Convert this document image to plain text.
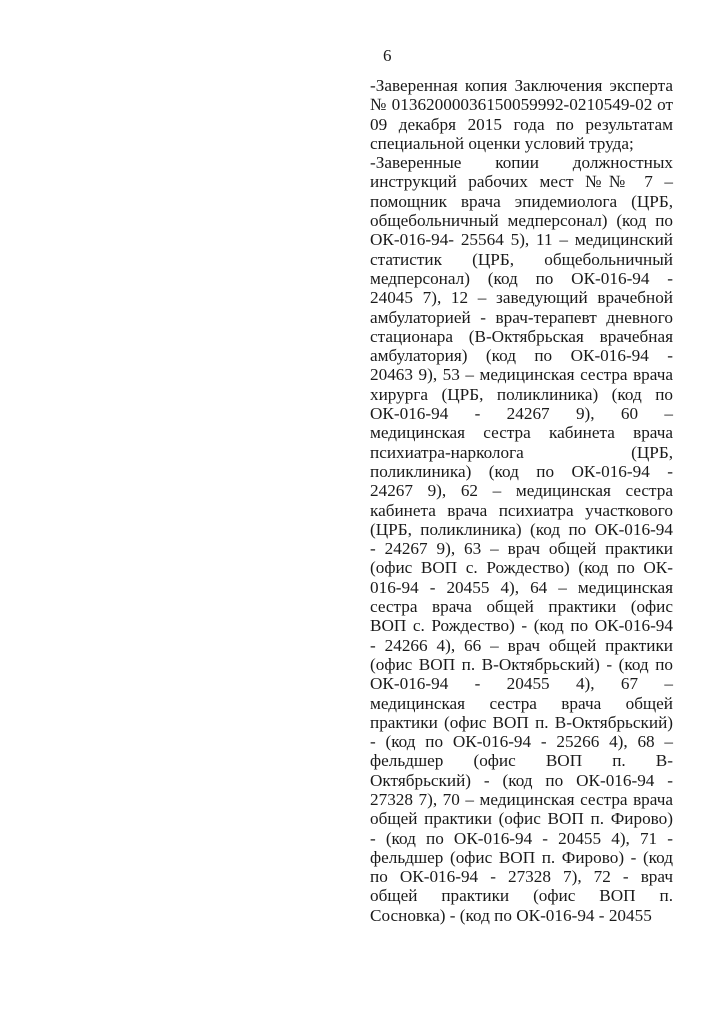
6

-Заверенная копия Заключения эксперта
№ 01362000036150059992-0210549-02 от
09 декабря 2015 года по результатам
специальной оценки условий труда;

-Заверенные копии должностных
инструкций рабочих мест №№ 7 –
помощник врача эпидемиолога (ЦРБ,
общебольничный медперсонал) (код по
ОК-016-94- 25564 5), 11 – медицинский
статистик (ЦРБ, общебольничный
медперсонал) (код по ОК-016-94 -
24045 7), 12 – заведующий врачебной
амбулаторией - врач-терапевт дневного
стационара (В-Октябрьская врачебная
амбулатория) (код по ОК-016-94 -
20463 9), 53 – медицинская сестра врача
хирурга (ЦРБ, поликлиника) (код по
ОК-016-94 - 24267 9), 60 –
медицинская сестра кабинета врача
психиатра-нарколога (ЦРБ,
поликлиника) (код по ОК-016-94 -
24267 9), 62 – медицинская сестра
кабинета врача психиатра участкового
(ЦРБ, поликлиника) (код по ОК-016-94
- 24267 9), 63 – врач общей практики
(офис ВОП с. Рождество) (код по ОК-
016-94 - 20455 4), 64 – медицинская
сестра врача общей практики (офис
ВОП с. Рождество) - (код по ОК-016-94
- 24266 4), 66 – врач общей практики
(офис ВОП п. В-Октябрьский) - (код по
ОК-016-94 - 20455 4), 67 –
медицинская сестра врача общей
практики (офис ВОП п. В-Октябрьский)
- (код по ОК-016-94 - 25266 4), 68 –
фельдшер (офис ВОП п. В-
Октябрьский) - (код по ОК-016-94 -
27328 7), 70 – медицинская сестра врача
общей практики (офис ВОП п. Фирово)
- (код по ОК-016-94 - 20455 4), 71 -
фельдшер (офис ВОП п. Фирово) - (код
по ОК-016-94 - 27328 7), 72 - врач
общей практики (офис ВОП п.
Сосновка) - (код по ОК-016-94 - 20455
